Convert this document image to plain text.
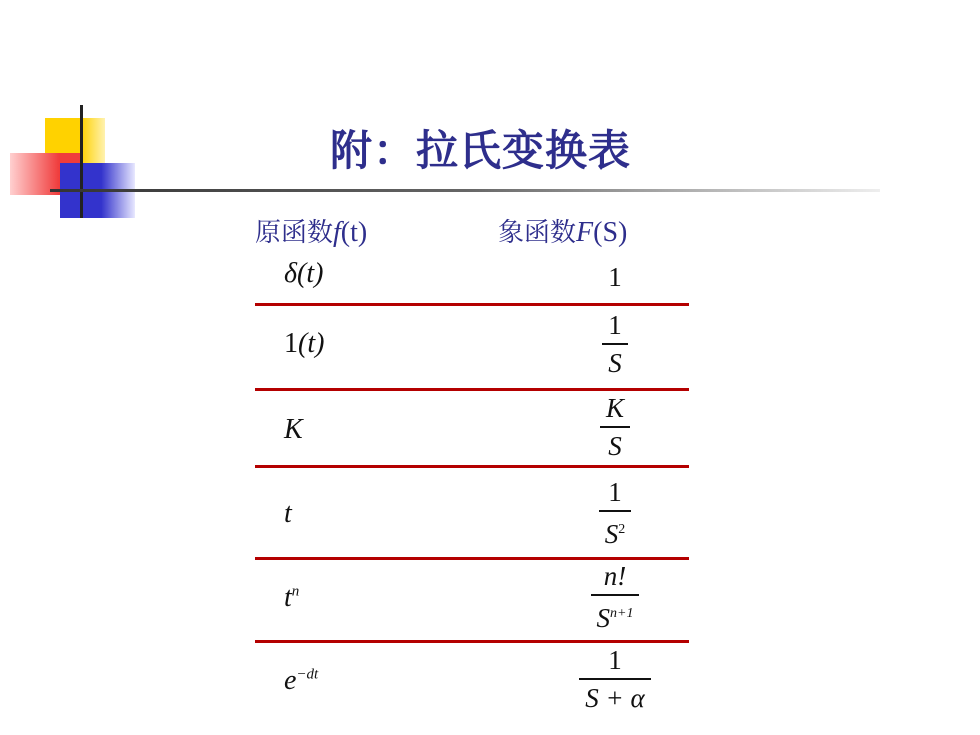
附：拉氏变换表
原函数f(t)	象函数F(S)
δ(t)	1
1(t)	$\frac{1}{S}$
K	$\frac{K}{S}$
t	$\frac{1}{S^2}$
$t^n$	$\frac{n!}{S^{n+1}}$
$e^{-dt}$	$\frac{1}{S + \alpha}$
